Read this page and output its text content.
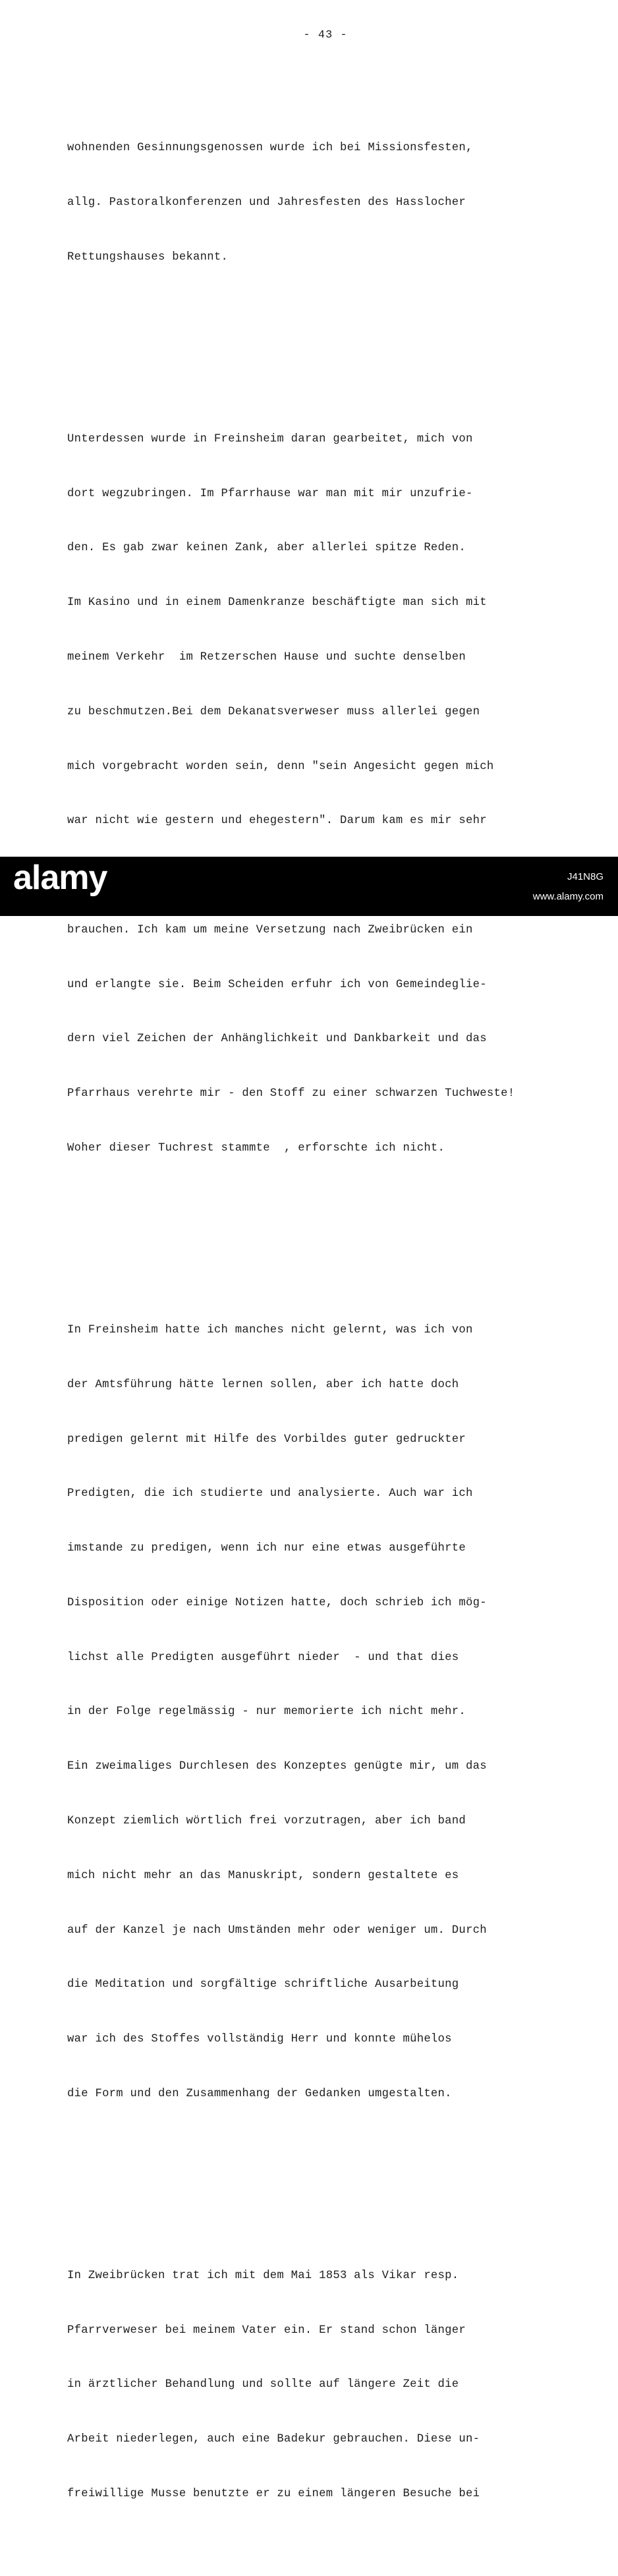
- 43 -

wohnenden Gesinnungsgenossen wurde ich bei Missionsfesten,

allg. Pastoralkonferenzen und Jahresfesten des Hasslocher

Rettungshauses bekannt.

Unterdessen wurde in Freinsheim daran gearbeitet, mich von

dort wegzubringen. Im Pfarrhause war man mit mir unzufrie-

den. Es gab zwar keinen Zank, aber allerlei spitze Reden.

Im Kasino und in einem Damenkranze beschäftigte man sich mit

meinem Verkehr  im Retzerschen Hause und suchte denselben

zu beschmutzen.Bei dem Dekanatsverweser muss allerlei gegen

mich vorgebracht worden sein, denn "sein Angesicht gegen mich

war nicht wie gestern und ehegestern". Darum kam es mir sehr

brauchen. Ich kam um meine Versetzung nach Zweibrücken ein

und erlangte sie. Beim Scheiden erfuhr ich von Gemeindeglie-

dern viel Zeichen der Anhänglichkeit und Dankbarkeit und das

Pfarrhaus verehrte mir - den Stoff zu einer schwarzen Tuchweste!

Woher dieser Tuchrest stammte  , erforschte ich nicht.

In Freinsheim hatte ich manches nicht gelernt, was ich von

der Amtsführung hätte lernen sollen, aber ich hatte doch

predigen gelernt mit Hilfe des Vorbildes guter gedruckter

Predigten, die ich studierte und analysierte. Auch war ich

imstande zu predigen, wenn ich nur eine etwas ausgeführte

Disposition oder einige Notizen hatte, doch schrieb ich mög-

lichst alle Predigten ausgeführt nieder  - und that dies

in der Folge regelmässig - nur memorierte ich nicht mehr.

Ein zweimaliges Durchlesen des Konzeptes genügte mir, um das

Konzept ziemlich wörtlich frei vorzutragen, aber ich band

mich nicht mehr an das Manuskript, sondern gestaltete es

auf der Kanzel je nach Umständen mehr oder weniger um. Durch

die Meditation und sorgfältige schriftliche Ausarbeitung

war ich des Stoffes vollständig Herr und konnte mühelos

die Form und den Zusammenhang der Gedanken umgestalten.

In Zweibrücken trat ich mit dem Mai 1853 als Vikar resp.

Pfarrverweser bei meinem Vater ein. Er stand schon länger

in ärztlicher Behandlung und sollte auf längere Zeit die

Arbeit niederlegen, auch eine Badekur gebrauchen. Diese un-

freiwillige Musse benutzte er zu einem längeren Besuche bei

alamy	J41N8G
www.alamy.com
